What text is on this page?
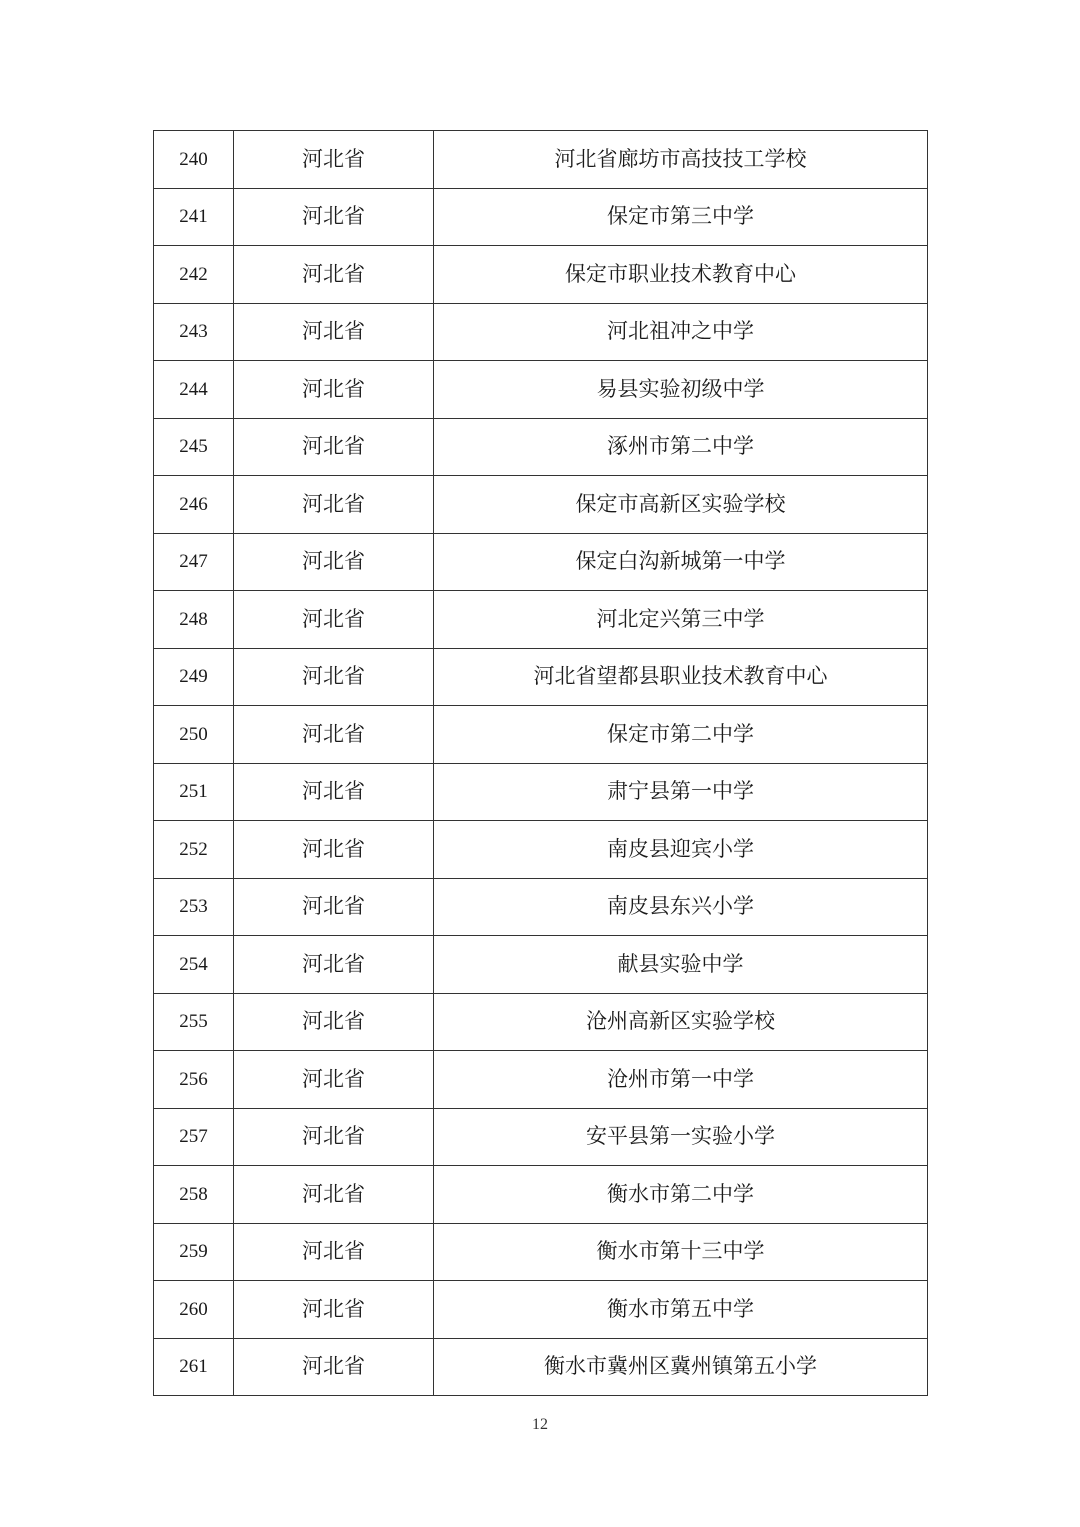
240	河北省	河北省廊坊市高技技工学校
241	河北省	保定市第三中学
242	河北省	保定市职业技术教育中心
243	河北省	河北祖冲之中学
244	河北省	易县实验初级中学
245	河北省	涿州市第二中学
246	河北省	保定市高新区实验学校
247	河北省	保定白沟新城第一中学
248	河北省	河北定兴第三中学
249	河北省	河北省望都县职业技术教育中心
250	河北省	保定市第二中学
251	河北省	肃宁县第一中学
252	河北省	南皮县迎宾小学
253	河北省	南皮县东兴小学
254	河北省	献县实验中学
255	河北省	沧州高新区实验学校
256	河北省	沧州市第一中学
257	河北省	安平县第一实验小学
258	河北省	衡水市第二中学
259	河北省	衡水市第十三中学
260	河北省	衡水市第五中学
261	河北省	衡水市冀州区冀州镇第五小学
12
